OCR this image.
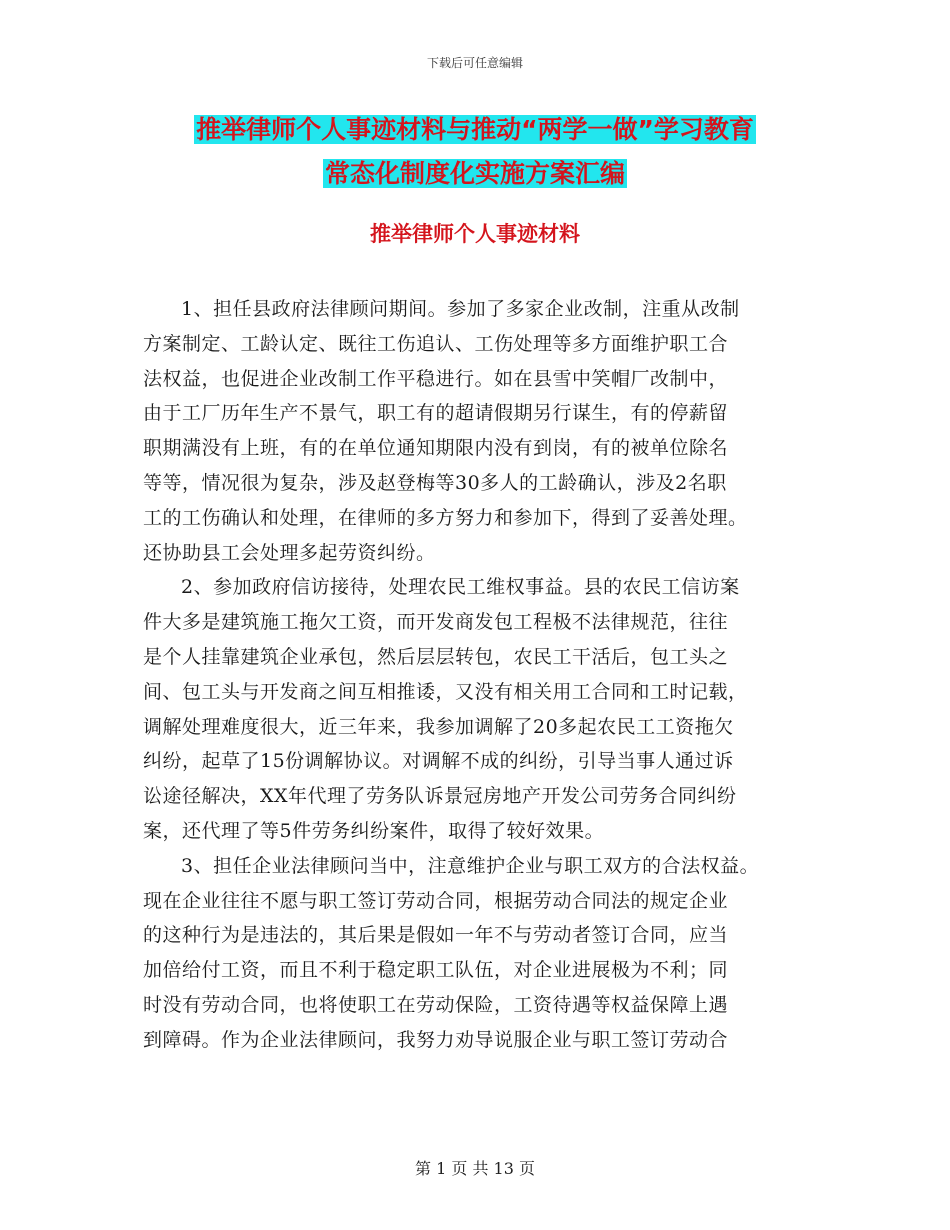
下载后可任意编辑
推举律师个人事迹材料与推动“两学一做”学习教育
常态化制度化实施方案汇编
推举律师个人事迹材料
1、担任县政府法律顾问期间。参加了多家企业改制，注重从改制
方案制定、工龄认定、既往工伤追认、工伤处理等多方面维护职工合
法权益，也促进企业改制工作平稳进行。如在县雪中笑帽厂改制中，
由于工厂历年生产不景气，职工有的超请假期另行谋生，有的停薪留
职期满没有上班，有的在单位通知期限内没有到岗，有的被单位除名
等等，情况很为复杂，涉及赵登梅等30多人的工龄确认，涉及2名职
工的工伤确认和处理，在律师的多方努力和参加下，得到了妥善处理。
还协助县工会处理多起劳资纠纷。
2、参加政府信访接待，处理农民工维权事益。县的农民工信访案
件大多是建筑施工拖欠工资，而开发商发包工程极不法律规范，往往
是个人挂靠建筑企业承包，然后层层转包，农民工干活后，包工头之
间、包工头与开发商之间互相推诿，又没有相关用工合同和工时记载，
调解处理难度很大，近三年来，我参加调解了20多起农民工工资拖欠
纠纷，起草了15份调解协议。对调解不成的纠纷，引导当事人通过诉
讼途径解决，XX年代理了劳务队诉景冠房地产开发公司劳务合同纠纷
案，还代理了等5件劳务纠纷案件，取得了较好效果。
3、担任企业法律顾问当中，注意维护企业与职工双方的合法权益。
现在企业往往不愿与职工签订劳动合同，根据劳动合同法的规定企业
的这种行为是违法的，其后果是假如一年不与劳动者签订合同，应当
加倍给付工资，而且不利于稳定职工队伍，对企业进展极为不利；同
时没有劳动合同，也将使职工在劳动保险，工资待遇等权益保障上遇
到障碍。作为企业法律顾问，我努力劝导说服企业与职工签订劳动合
第 1 页 共 13 页
